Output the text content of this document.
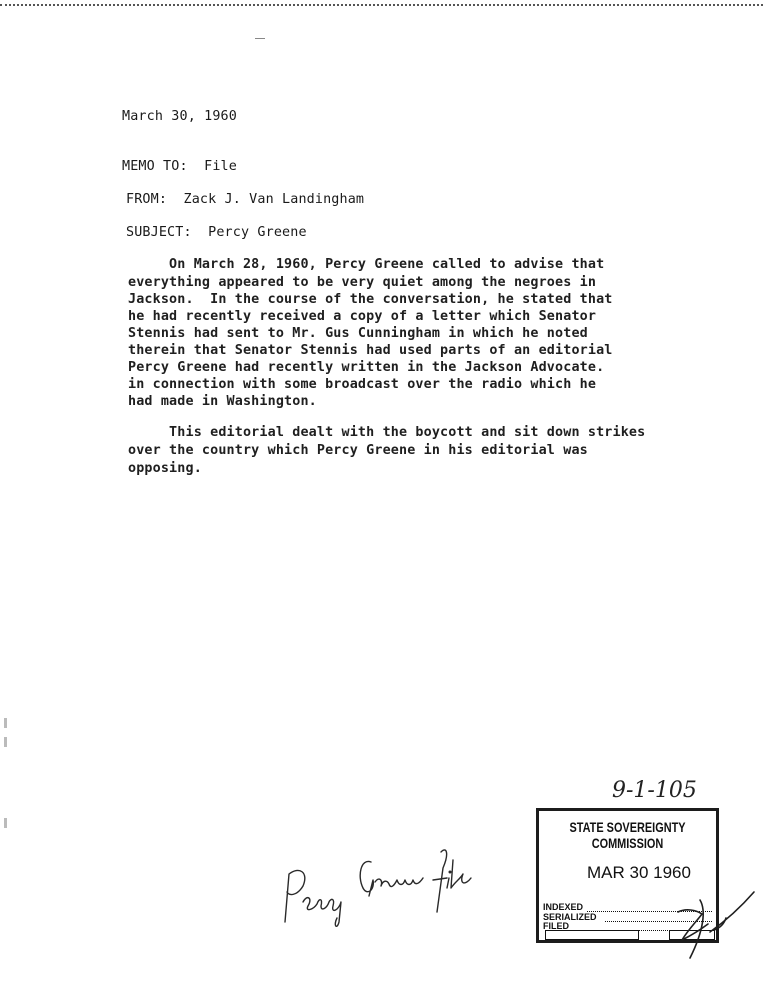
March 30, 1960
MEMO TO:  File
FROM:  Zack J. Van Landingham
SUBJECT:  Percy Greene
On March 28, 1960, Percy Greene called to advise that
everything appeared to be very quiet among the negroes in
Jackson.  In the course of the conversation, he stated that
he had recently received a copy of a letter which Senator
Stennis had sent to Mr. Gus Cunningham in which he noted
therein that Senator Stennis had used parts of an editorial
Percy Greene had recently written in the Jackson Advocate.
in connection with some broadcast over the radio which he
had made in Washington.
This editorial dealt with the boycott and sit down strikes
over the country which Percy Greene in his editorial was
opposing.
9-1-105
STATE SOVEREIGNTY COMMISSION
MAR 30 1960
INDEXED
SERIALIZED
FILED
